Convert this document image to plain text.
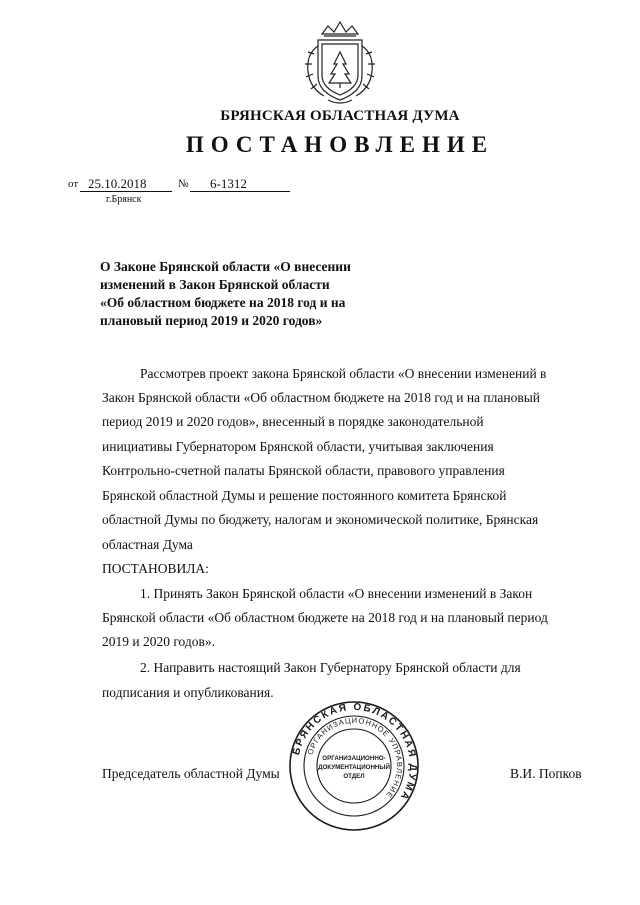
БРЯНСКАЯ ОБЛАСТНАЯ ДУМА
ПОСТАНОВЛЕНИЕ
от 25.10.2018	№ 6-1312
г.Брянск
О Законе Брянской области «О внесении
изменений в Закон Брянской области
«Об областном бюджете на 2018 год и на
плановый период 2019 и 2020 годов»
Рассмотрев проект закона Брянской области «О внесении изменений в
Закон Брянской области «Об областном бюджете на 2018 год и на плановый
период 2019 и 2020 годов», внесенный в порядке законодательной
инициативы Губернатором Брянской области, учитывая заключения
Контрольно-счетной палаты Брянской области, правового управления
Брянской областной Думы и решение постоянного комитета Брянской
областной Думы по бюджету, налогам и экономической политике, Брянская
областная Дума
ПОСТАНОВИЛА:
1. Принять Закон Брянской области «О внесении изменений в Закон
Брянской области «Об областном бюджете на 2018 год и на плановый период
2019 и 2020 годов».
2. Направить настоящий Закон Губернатору Брянской области для
подписания и опубликования.
БРЯНСКАЯ ОБЛАСТНАЯ ДУМА
ОРГАНИЗАЦИОННОЕ УПРАВЛЕНИЕ
ОРГАНИЗАЦИОННО-
ДОКУМЕНТАЦИОННЫЙ
ОТДЕЛ
Председатель областной Думы	В.И. Попков
